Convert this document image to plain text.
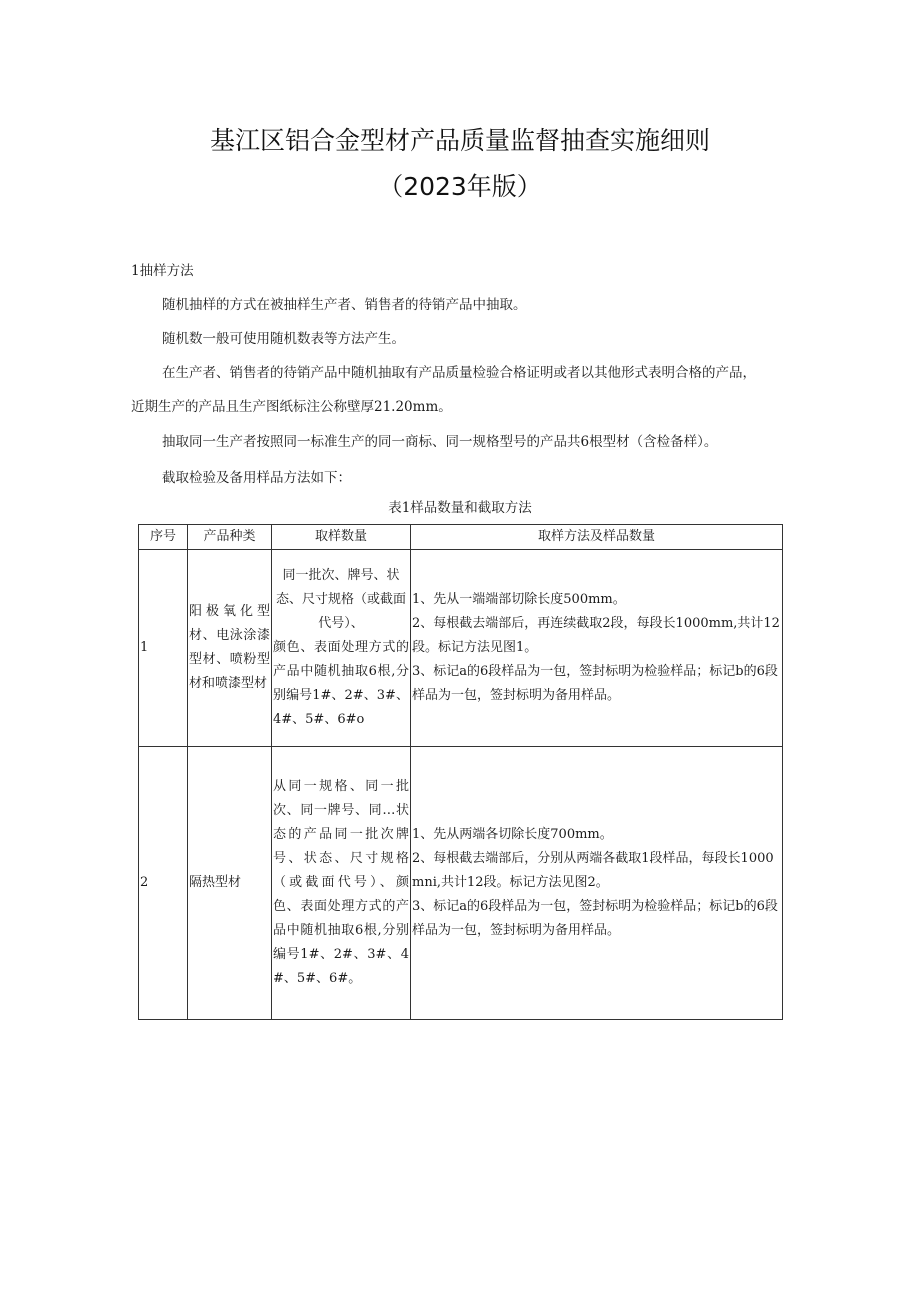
基江区铝合金型材产品质量监督抽查实施细则
（2023年版）
1抽样方法
随机抽样的方式在被抽样生产者、销售者的待销产品中抽取。
随机数一般可使用随机数表等方法产生。
在生产者、销售者的待销产品中随机抽取有产品质量检验合格证明或者以其他形式表明合格的产品，
近期生产的产品且生产图纸标注公称壁厚21.20mm。
抽取同一生产者按照同一标准生产的同一商标、同一规格型号的产品共6根型材（含检备样）。
截取检验及备用样品方法如下：
表1样品数量和截取方法
序号	产品种类	取样数量	取样方法及样品数量
1	阳极氧化型材、电泳涂漆型材、喷粉型材和喷漆型材	同一批次、牌号、状态、尺寸规格（或截面代号）、
颜色、表面处理方式的产品中随机抽取6根,分别编号1#、2#、3#、4#、5#、6#o	1、先从一端端部切除长度500mm。
2、每根截去端部后，再连续截取2段，每段长1000mm,共计12段。标记方法见图1。
3、标记a的6段样品为一包，签封标明为检验样品；标记b的6段样品为一包，签封标明为备用样品。

2	隔热型材	从同一规格、同一批次、同一牌号、同…状态的产品同一批次牌号、状态、尺寸规格（或截面代号）、颜色、表面处理方式的产品中随机抽取6根,分别编号1#、2#、3#、4#、5#、6#。	1、先从两端各切除长度700mm。
2、每根截去端部后，分别从两端各截取1段样品，每段长1000mni,共计12段。标记方法见图2。
3、标记a的6段样品为一包，签封标明为检验样品；标记b的6段样品为一包，签封标明为备用样品。
